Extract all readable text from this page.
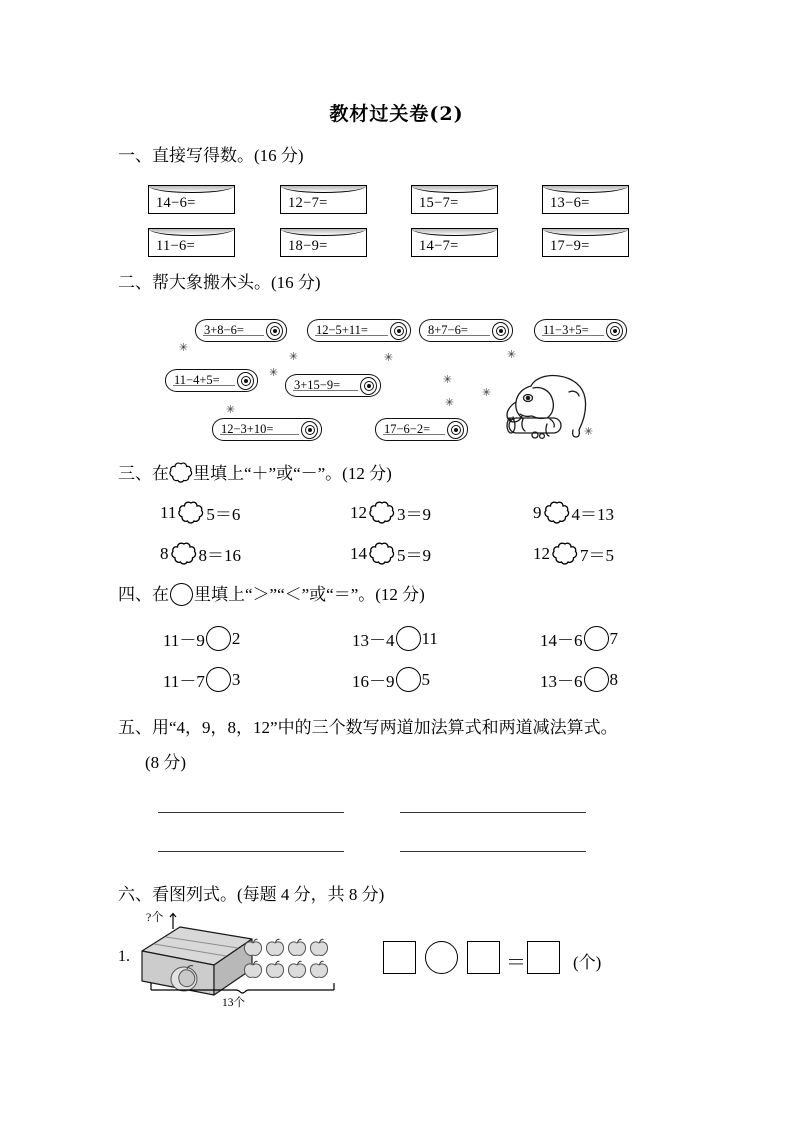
教材过关卷(2)
一、直接写得数。(16 分)
14−6=	12−7=	15−7=	13−6=
11−6=	18−9=	14−7=	17−9=
二、帮大象搬木头。(16 分)
3+8−6=	12−5+11=	8+7−6=	11−3+5=
11−4+5=	3+15−9=
12−3+10=	17−6−2=
✳
✳	✳	✳
✳
✳
✳
✳
✳
✳
三、在 里填上“＋”或“－”。(12 分)
11 5＝6	12 3＝9	9 4＝13
8 8＝16	14 5＝9	12 7＝5
四、在 里填上“＞”“＜”或“＝”。(12 分)
11－9 2	13－4 11	14－6 7
11－7 3	16－9 5	13－6 8
五、用“4，9，8，12”中的三个数写两道加法算式和两道减法算式。
(8 分)
六、看图列式。(每题 4 分，共 8 分)
1.
?个
13个
＝	(个)
